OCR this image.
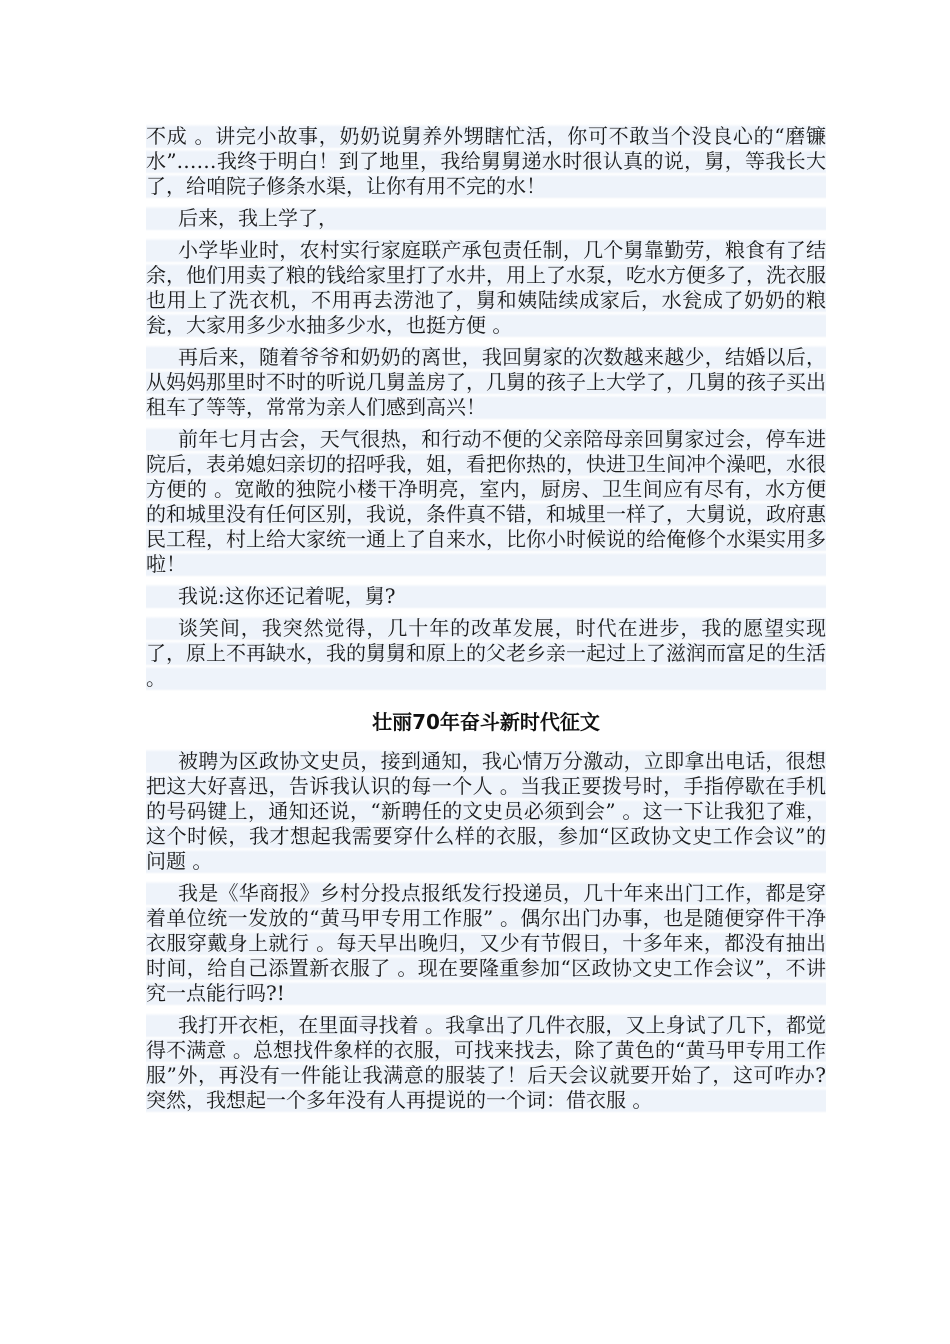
不成 。讲完小故事，奶奶说舅养外甥瞎忙活，你可不敢当个没良心的“磨镰水”……我终于明白！到了地里，我给舅舅递水时很认真的说，舅，等我长大了，给咱院子修条水渠，让你有用不完的水！

后来，我上学了，

小学毕业时，农村实行家庭联产承包责任制，几个舅靠勤劳，粮食有了结余，他们用卖了粮的钱给家里打了水井，用上了水泵，吃水方便多了，洗衣服也用上了洗衣机，不用再去涝池了，舅和姨陆续成家后，水瓮成了奶奶的粮瓮，大家用多少水抽多少水，也挺方便 。

再后来，随着爷爷和奶奶的离世，我回舅家的次数越来越少，结婚以后，从妈妈那里时不时的听说几舅盖房了，几舅的孩子上大学了，几舅的孩子买出租车了等等，常常为亲人们感到高兴！

前年七月古会，天气很热，和行动不便的父亲陪母亲回舅家过会，停车进院后，表弟媳妇亲切的招呼我，姐，看把你热的，快进卫生间冲个澡吧，水很方便的 。宽敞的独院小楼干净明亮，室内，厨房、卫生间应有尽有，水方便的和城里没有任何区别，我说，条件真不错，和城里一样了，大舅说，政府惠民工程，村上给大家统一通上了自来水，比你小时候说的给俺修个水渠实用多啦！

我说:这你还记着呢，舅?

谈笑间，我突然觉得，几十年的改革发展，时代在进步，我的愿望实现了，原上不再缺水，我的舅舅和原上的父老乡亲一起过上了滋润而富足的生活 。

壮丽70年奋斗新时代征文

被聘为区政协文史员，接到通知，我心情万分激动，立即拿出电话，很想把这大好喜迅，告诉我认识的每一个人 。当我正要拨号时，手指停歇在手机的号码键上，通知还说，“新聘任的文史员必须到会” 。这一下让我犯了难，这个时候，我才想起我需要穿什么样的衣服，参加“区政协文史工作会议”的问题 。

我是《华商报》乡村分投点报纸发行投递员，几十年来出门工作，都是穿着单位统一发放的“黄马甲专用工作服” 。偶尔出门办事，也是随便穿件干净衣服穿戴身上就行 。每天早出晚归，又少有节假日，十多年来，都没有抽出时间，给自己添置新衣服了 。现在要隆重参加“区政协文史工作会议”，不讲究一点能行吗?!

我打开衣柜，在里面寻找着 。我拿出了几件衣服，又上身试了几下，都觉得不满意 。总想找件象样的衣服，可找来找去，除了黄色的“黄马甲专用工作服”外，再没有一件能让我满意的服装了！后天会议就要开始了，这可咋办?突然，我想起一个多年没有人再提说的一个词：借衣服 。
